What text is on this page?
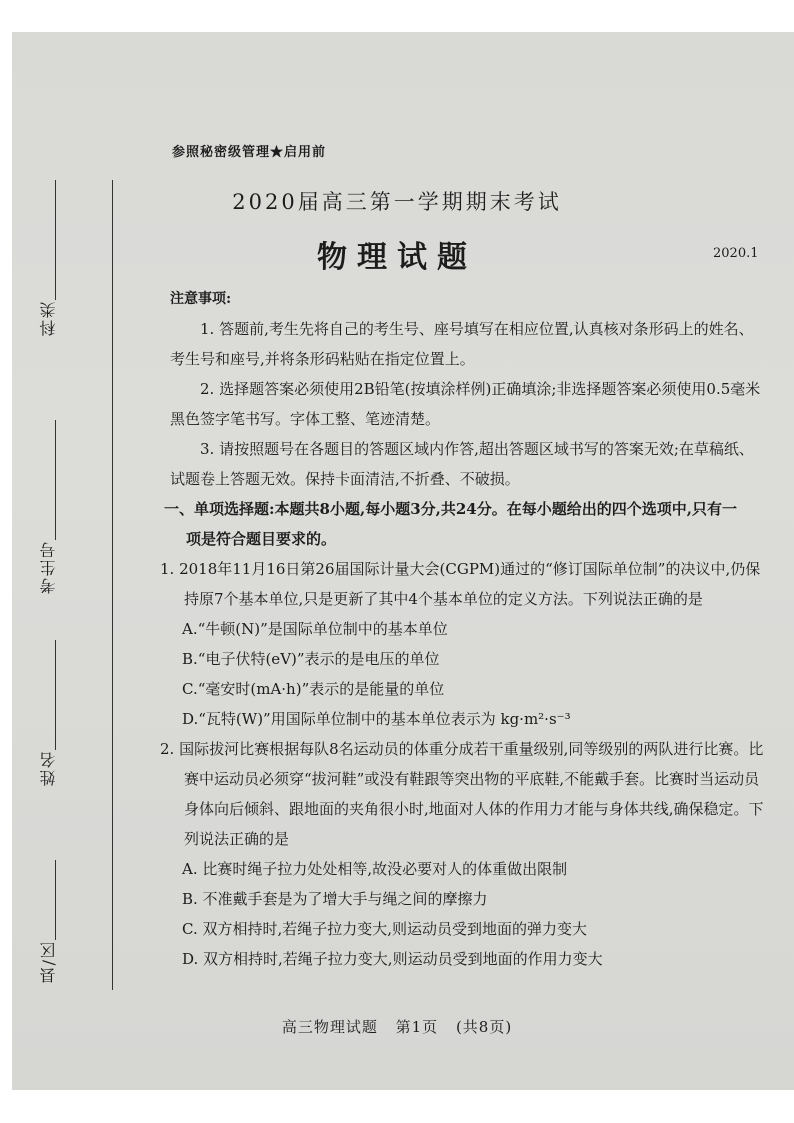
科类
考生号
姓名
县/区
参照秘密级管理★启用前
2020届高三第一学期期末考试
物理试题	2020.1

注意事项:

1. 答题前,考生先将自己的考生号、座号填写在相应位置,认真核对条形码上的姓名、考生号和座号,并将条形码粘贴在指定位置上。

2. 选择题答案必须使用2B铅笔(按填涂样例)正确填涂;非选择题答案必须使用0.5毫米黑色签字笔书写。字体工整、笔迹清楚。

3. 请按照题号在各题目的答题区域内作答,超出答题区域书写的答案无效;在草稿纸、试题卷上答题无效。保持卡面清洁,不折叠、不破损。

一、单项选择题:本题共8小题,每小题3分,共24分。在每小题给出的四个选项中,只有一
项是符合题目要求的。

1. 2018年11月16日第26届国际计量大会(CGPM)通过的“修订国际单位制”的决议中,仍保持原7个基本单位,只是更新了其中4个基本单位的定义方法。下列说法正确的是

A.“牛顿(N)”是国际单位制中的基本单位

B.“电子伏特(eV)”表示的是电压的单位

C.“毫安时(mA·h)”表示的是能量的单位

D.“瓦特(W)”用国际单位制中的基本单位表示为 kg·m²·s⁻³

2. 国际拔河比赛根据每队8名运动员的体重分成若干重量级别,同等级别的两队进行比赛。比赛中运动员必须穿“拔河鞋”或没有鞋跟等突出物的平底鞋,不能戴手套。比赛时当运动员身体向后倾斜、跟地面的夹角很小时,地面对人体的作用力才能与身体共线,确保稳定。下列说法正确的是

A. 比赛时绳子拉力处处相等,故没必要对人的体重做出限制

B. 不准戴手套是为了增大手与绳之间的摩擦力

C. 双方相持时,若绳子拉力变大,则运动员受到地面的弹力变大

D. 双方相持时,若绳子拉力变大,则运动员受到地面的作用力变大

高三物理试题 第1页 (共8页)
